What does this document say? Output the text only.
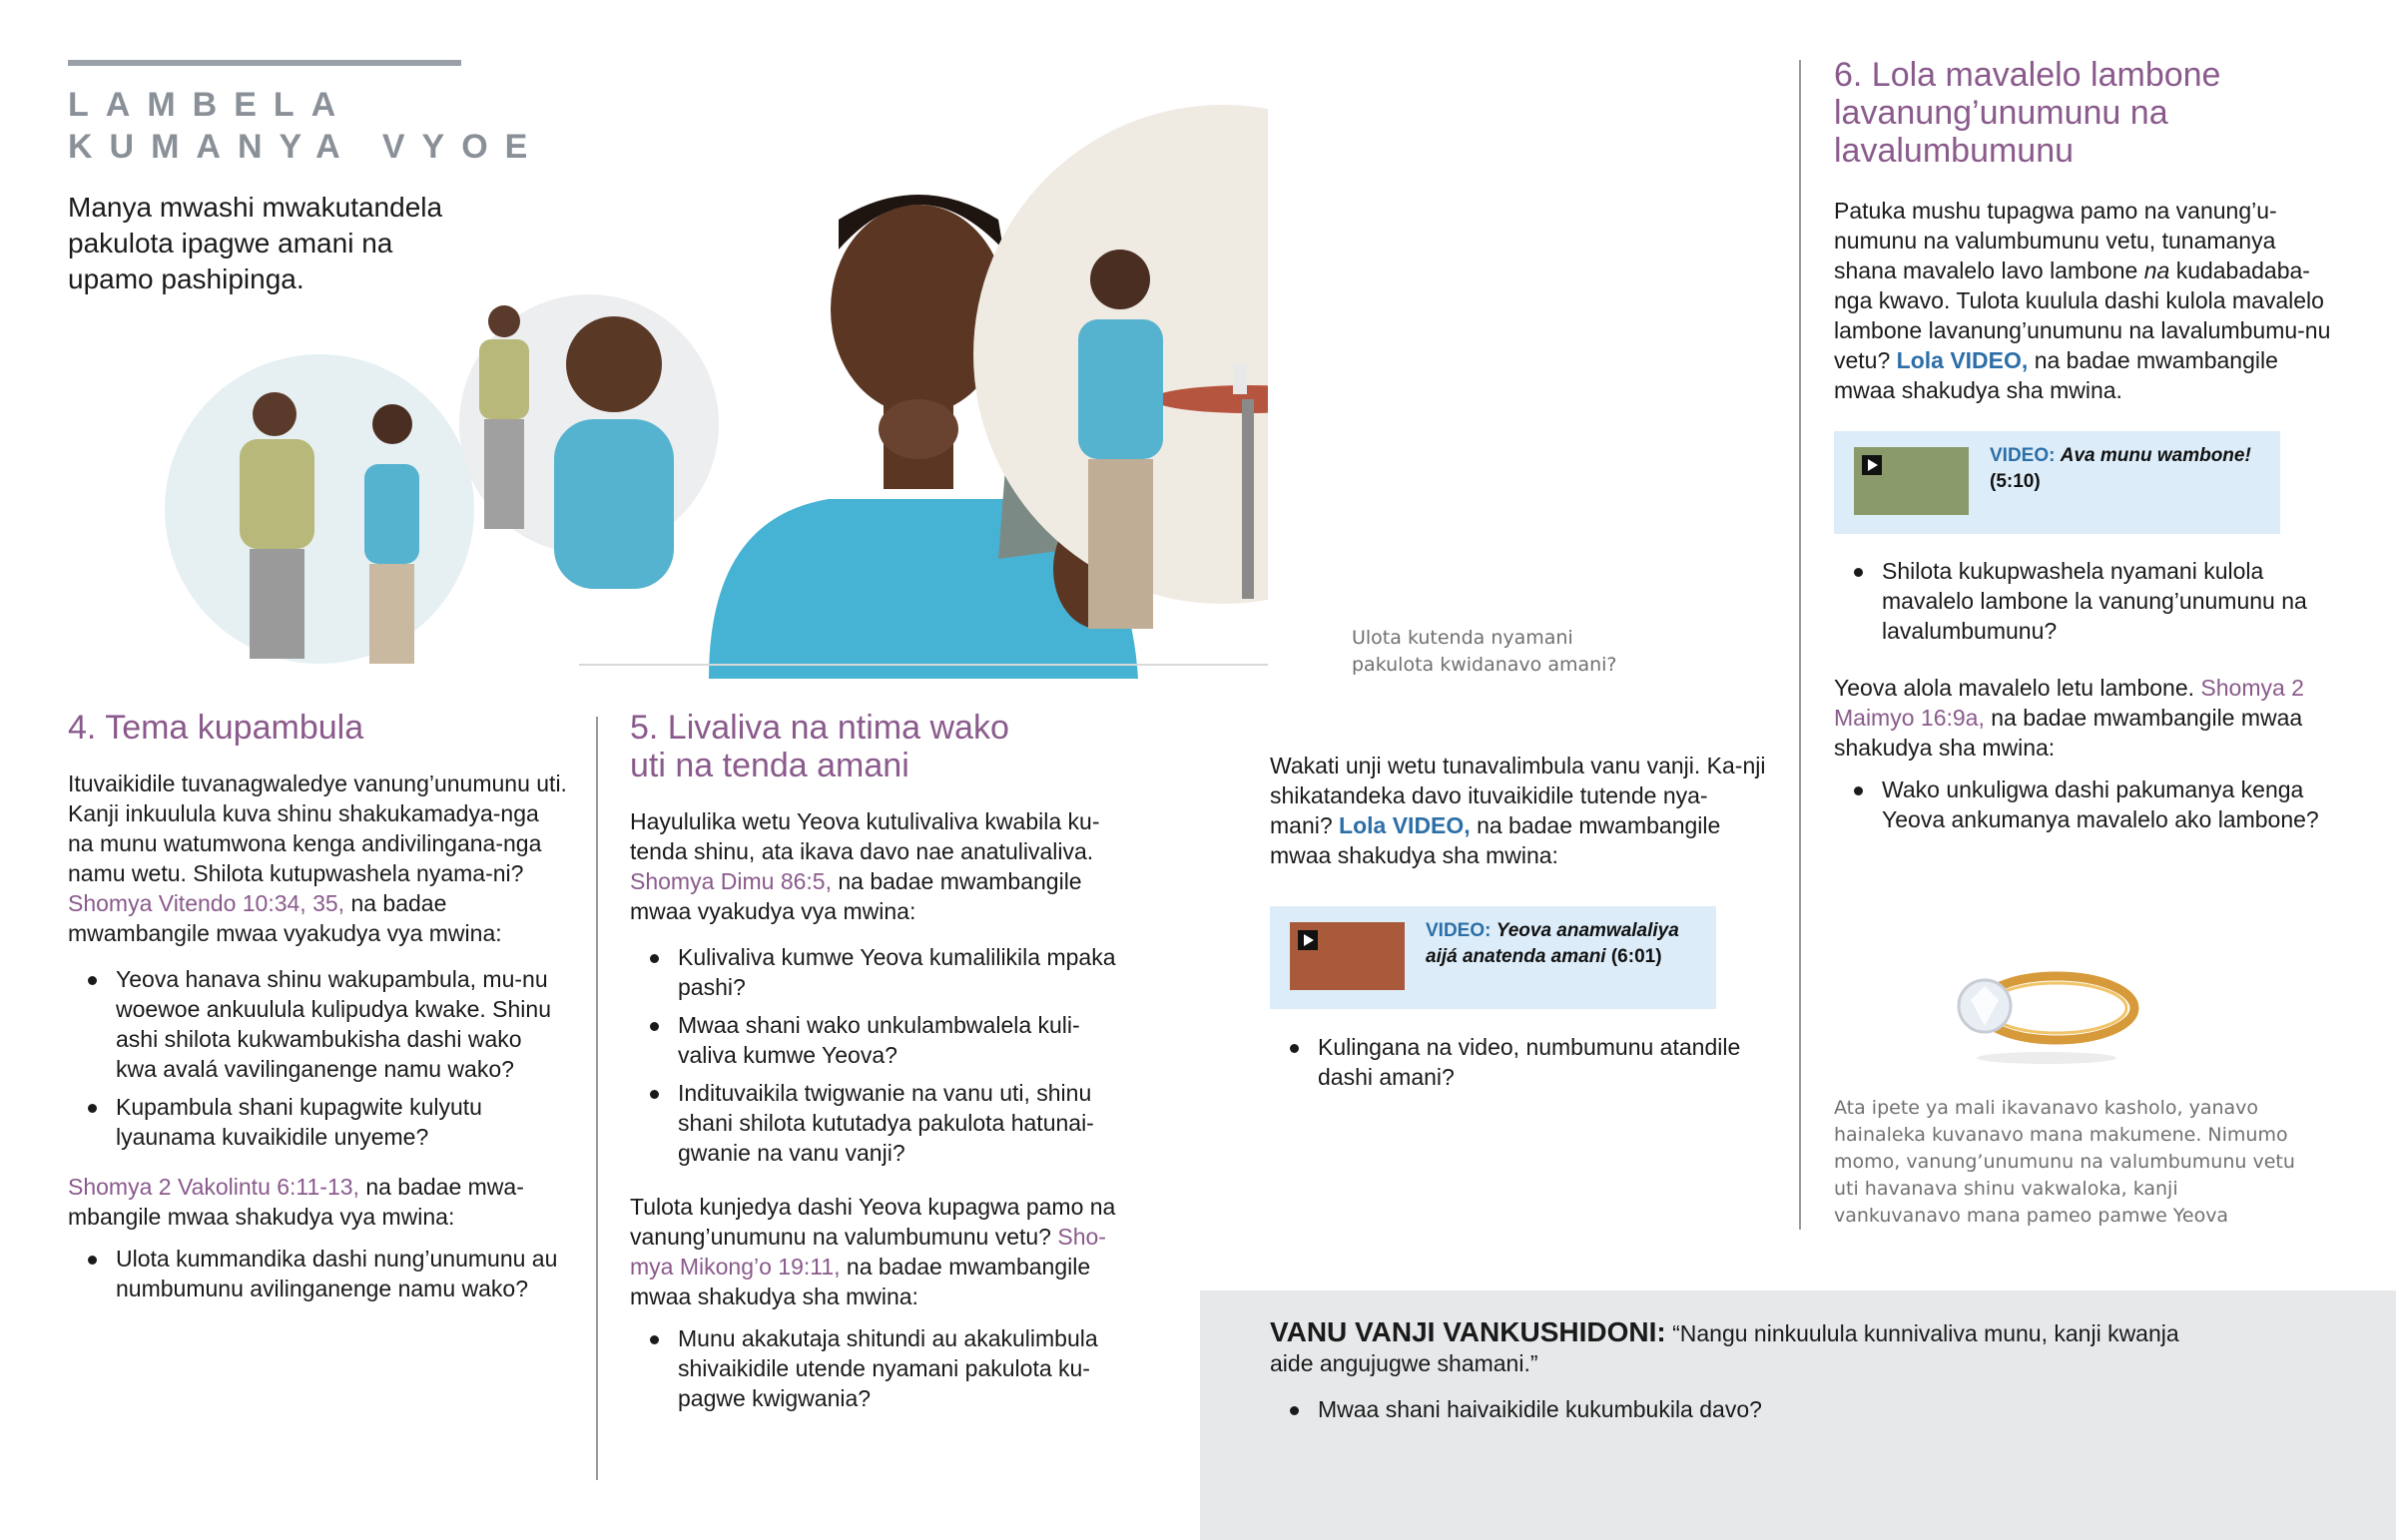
LAMBELA
KUMANYA VYOE

Manya mwashi mwakutandela pakulota ipagwe amani na upamo pashipinga.

Ulota kutenda nyamani pakulota kwidanavo amani?
4. Tema kupambula

Ituvaikidile tuvanagwaledye vanung’unumunu uti. Kanji inkuulula kuva shinu shakukamadya-nga na munu watumwona kenga andivilingana-nga namu wetu. Shilota kutupwashela nyama-ni? Shomya Vitendo 10:34, 35, na badae mwambangile mwaa vyakudya vya mwina:

Yeova hanava shinu wakupambula, mu-nu woewoe ankuulula kulipudya kwake. Shinu ashi shilota kukwambukisha dashi wako kwa avalá vavilinganenge namu wako?
Kupambula shani kupagwite kulyutu lyaunama kuvaikidile unyeme?

Shomya 2 Vakolintu 6:11-13, na badae mwa-mbangile mwaa shakudya vya mwina:

Ulota kummandika dashi nung’unumunu au numbumunu avilinganenge namu wako?
5. Livaliva na ntima wako
uti na tenda amani

Hayululika wetu Yeova kutulivaliva kwabila ku-tenda shinu, ata ikava davo nae anatulivaliva. Shomya Dimu 86:5, na badae mwambangile mwaa vyakudya vya mwina:

Kulivaliva kumwe Yeova kumalilikila mpaka pashi?
Mwaa shani wako unkulambwalela kuli-valiva kumwe Yeova?
Indituvaikila twigwanie na vanu uti, shinu shani shilota kututadya pakulota hatunai-gwanie na vanu vanji?

Tulota kunjedya dashi Yeova kupagwa pamo na vanung’unumunu na valumbumunu vetu? Sho-mya Mikong’o 19:11, na badae mwambangile mwaa shakudya sha mwina:

Munu akakutaja shitundi au akakulimbula shivaikidile utende nyamani pakulota ku-pagwe kwigwania?

Wakati unji wetu tunavalimbula vanu vanji. Ka-nji shikatandeka davo ituvaikidile tutende nya-mani? Lola VIDEO, na badae mwambangile mwaa shakudya sha mwina:

VIDEO: Yeova anamwalaliya aijá anatenda amani (6:01)
Kulingana na video, numbumunu atandile dashi amani?
6. Lola mavalelo lambone
lavanung’unumunu na
lavalumbumunu

Patuka mushu tupagwa pamo na vanung’u-numunu na valumbumunu vetu, tunamanya shana mavalelo lavo lambone na kudabadaba-nga kwavo. Tulota kuulula dashi kulola mavalelo lambone lavanung’unumunu na lavalumbumu-nu vetu? Lola VIDEO, na badae mwambangile mwaa shakudya sha mwina.

VIDEO: Ava munu wambone!
(5:10)
Shilota kukupwashela nyamani kulola mavalelo lambone la vanung’unumunu na lavalumbumunu?

Yeova alola mavalelo letu lambone. Shomya 2 Maimyo 16:9a, na badae mwambangile mwaa shakudya sha mwina:

Wako unkuligwa dashi pakumanya kenga Yeova ankumanya mavalelo ako lambone?
Ata ipete ya mali ikavanavo kasholo, yanavo hainaleka kuvanavo mana makumene. Nimumo momo, vanung’unumunu na valumbumunu vetu uti havanava shinu vakwaloka, kanji vankuvanavo mana pameo pamwe Yeova

VANU VANJI VANKUSHIDONI: “Nangu ninkuulula kunnivaliva munu, kanji kwanja aide angujugwe shamani.”

Mwaa shani haivaikidile kukumbukila davo?
